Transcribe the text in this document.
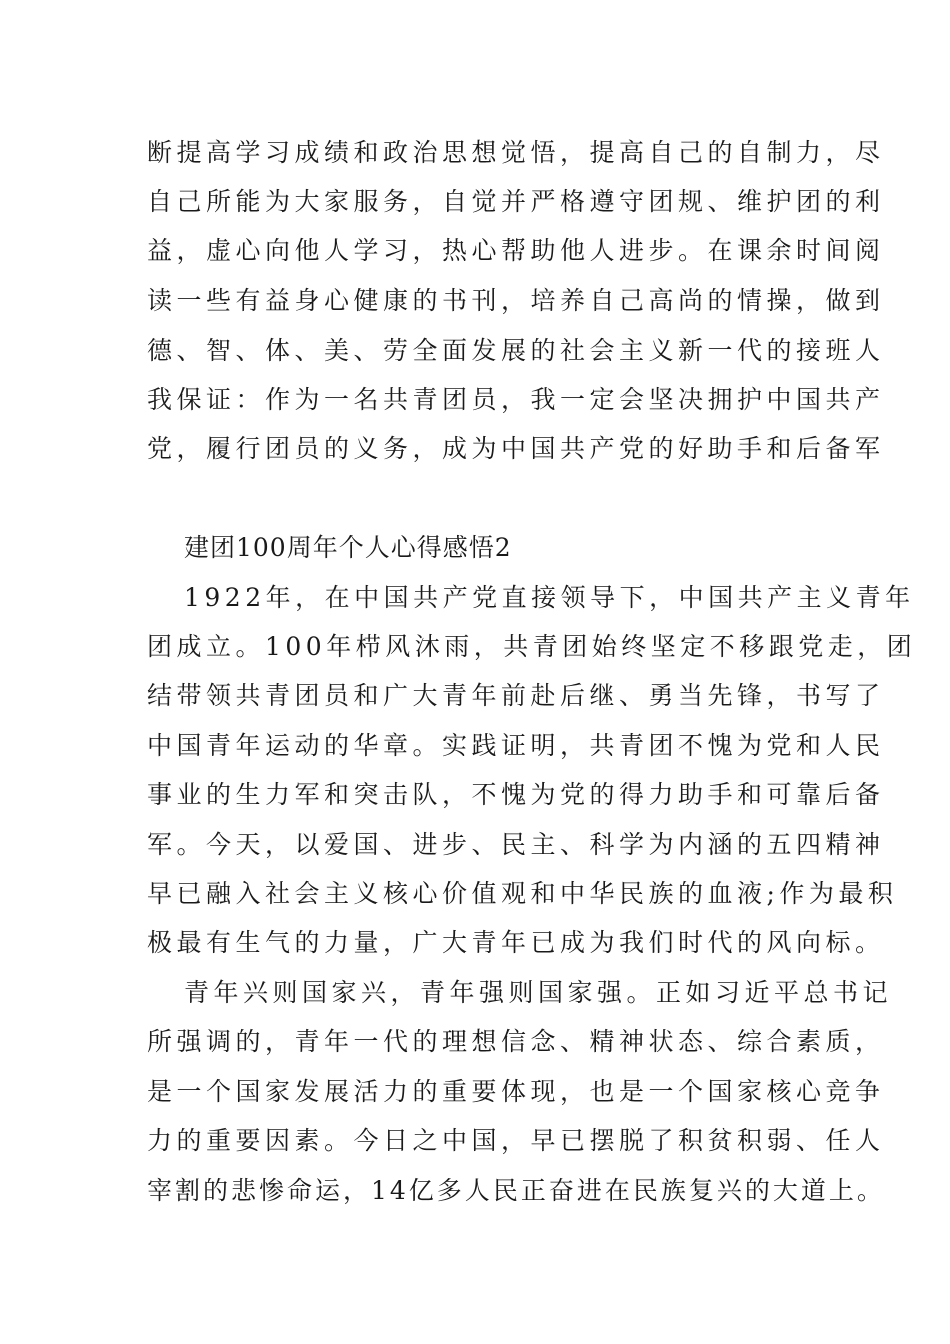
断提高学习成绩和政治思想觉悟，提高自己的自制力，尽
自己所能为大家服务，自觉并严格遵守团规、维护团的利
益，虚心向他人学习，热心帮助他人进步。在课余时间阅
读一些有益身心健康的书刊，培养自己高尚的情操，做到
德、智、体、美、劳全面发展的社会主义新一代的接班人
我保证：作为一名共青团员，我一定会坚决拥护中国共产
党，履行团员的义务，成为中国共产党的好助手和后备军
建团100周年个人心得感悟2
1922年，在中国共产党直接领导下，中国共产主义青年
团成立。100年栉风沐雨，共青团始终坚定不移跟党走，团
结带领共青团员和广大青年前赴后继、勇当先锋，书写了
中国青年运动的华章。实践证明，共青团不愧为党和人民
事业的生力军和突击队，不愧为党的得力助手和可靠后备
军。今天，以爱国、进步、民主、科学为内涵的五四精神
早已融入社会主义核心价值观和中华民族的血液;作为最积
极最有生气的力量，广大青年已成为我们时代的风向标。
青年兴则国家兴，青年强则国家强。正如习近平总书记
所强调的，青年一代的理想信念、精神状态、综合素质，
是一个国家发展活力的重要体现，也是一个国家核心竞争
力的重要因素。今日之中国，早已摆脱了积贫积弱、任人
宰割的悲惨命运，14亿多人民正奋进在民族复兴的大道上。
